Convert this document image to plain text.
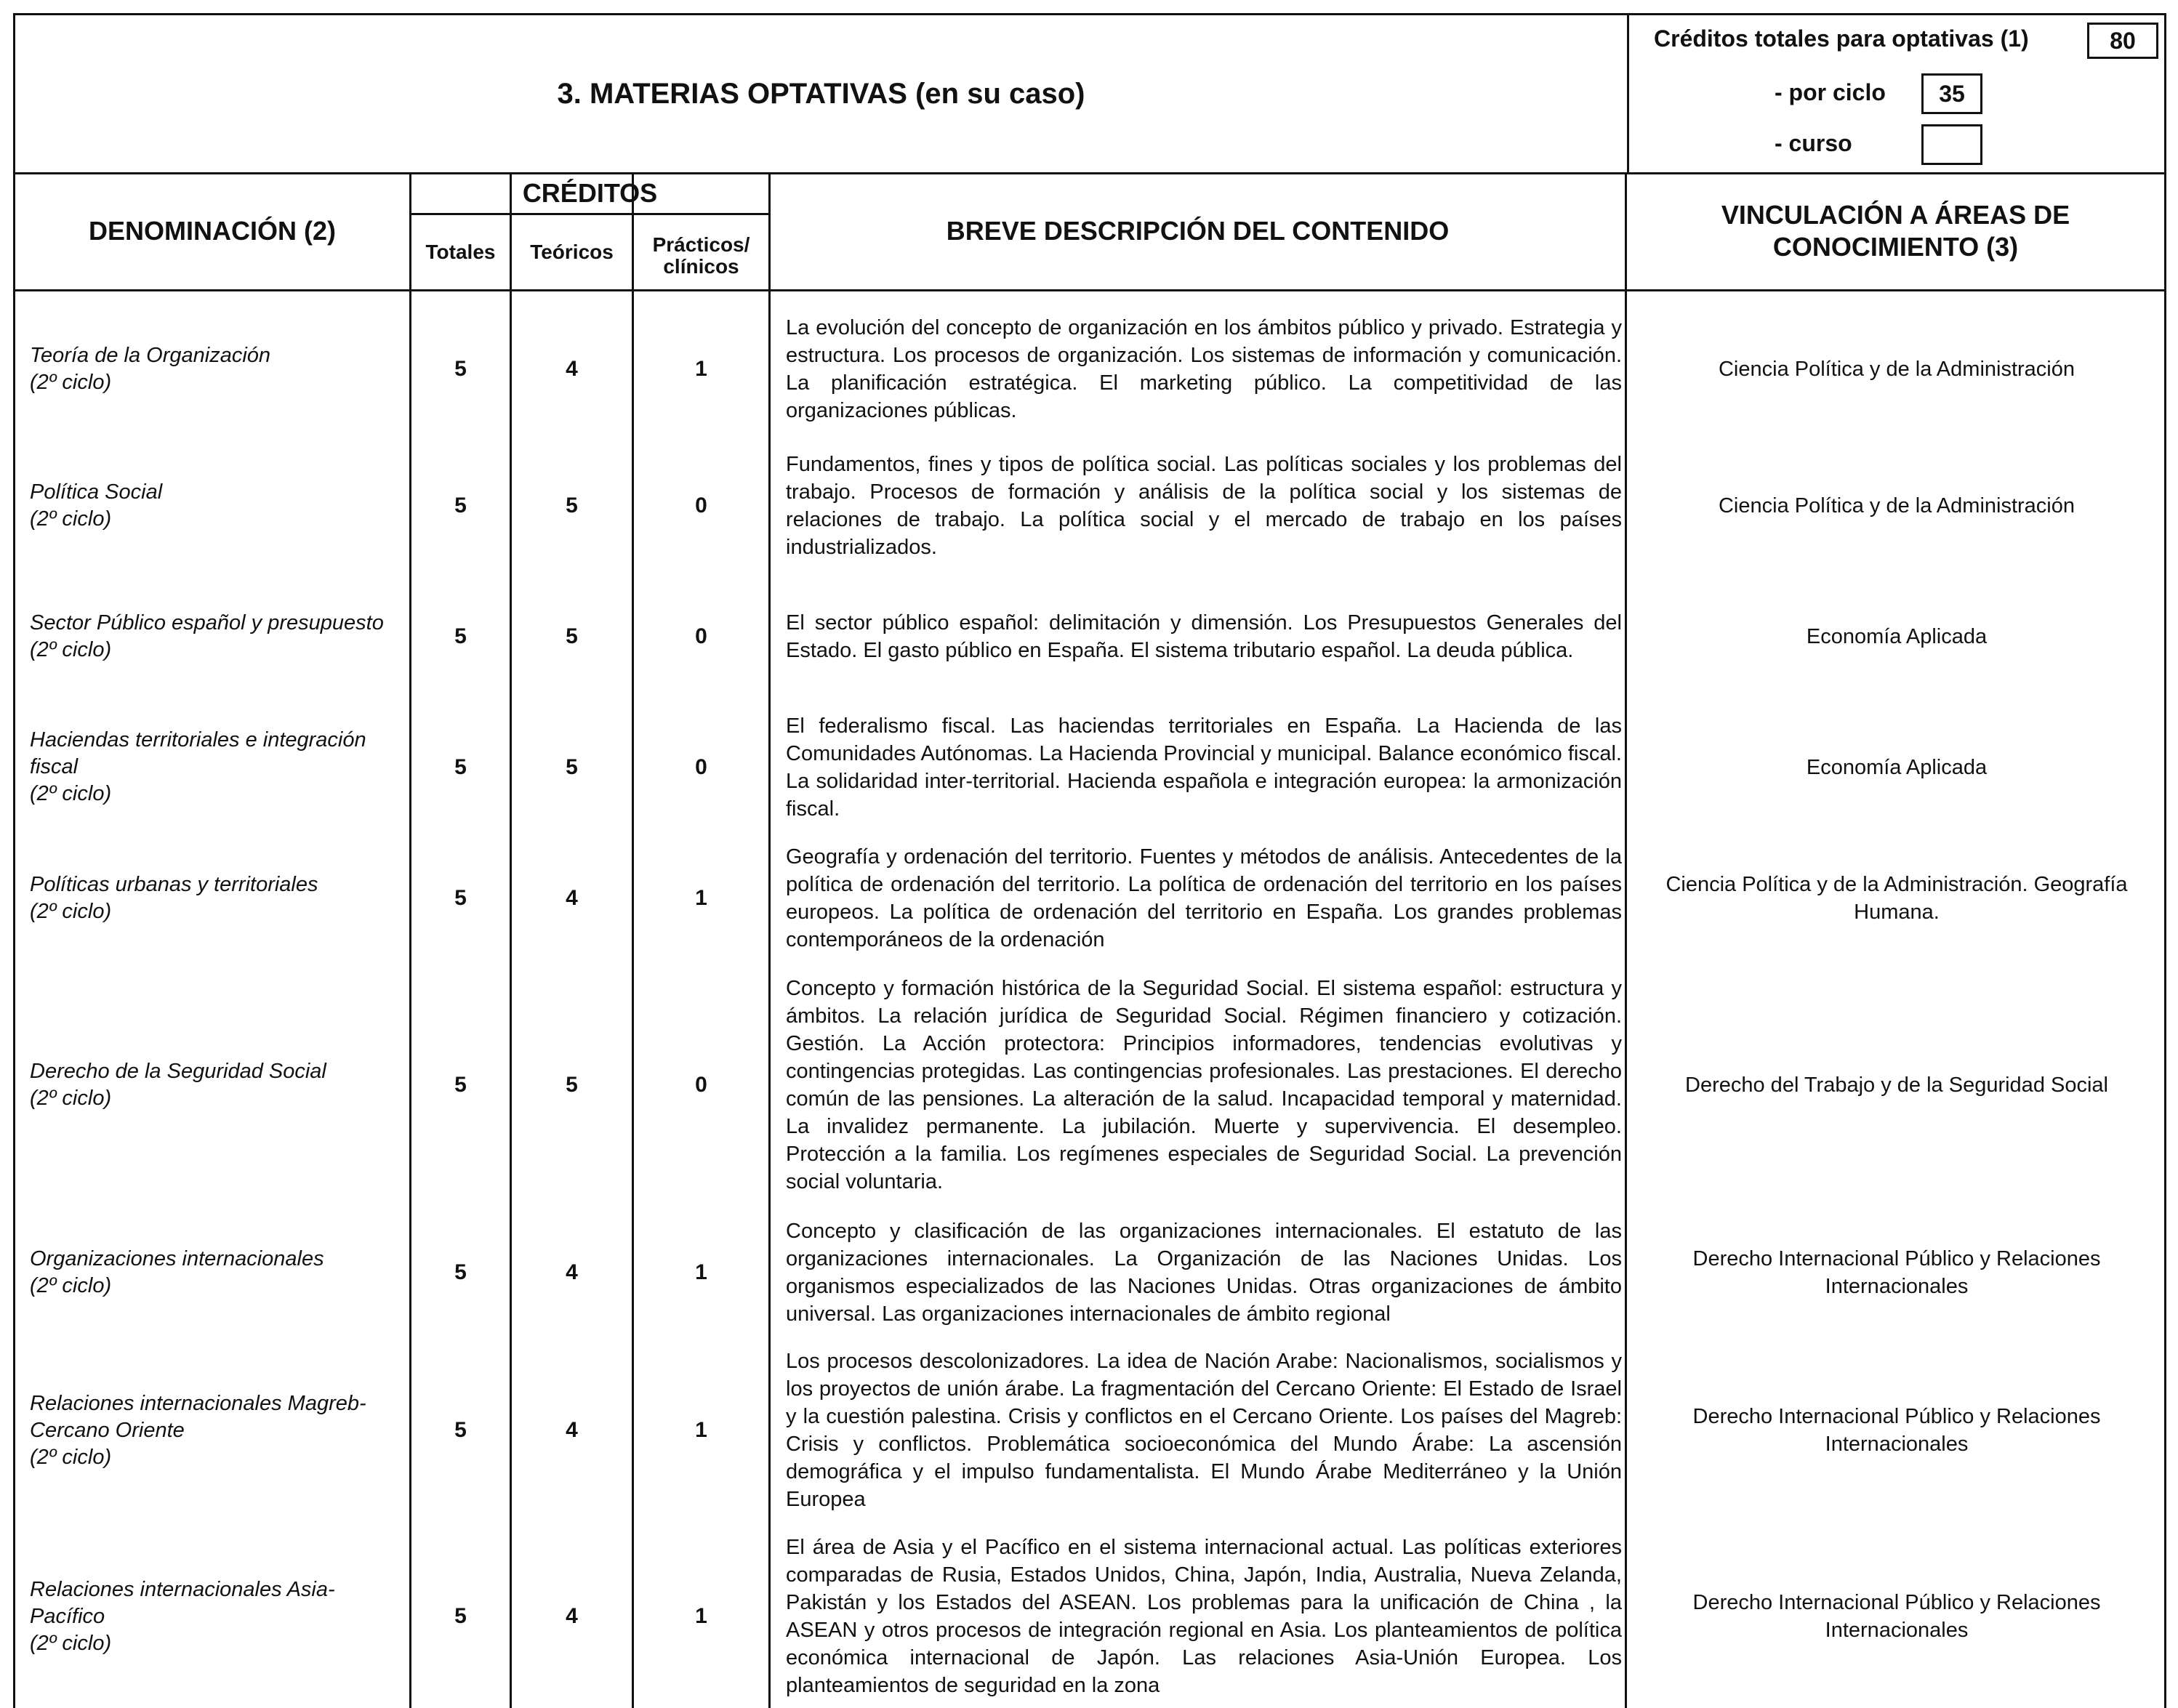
3. MATERIAS OPTATIVAS (en su caso)
Créditos totales para optativas (1)	80
- por ciclo	35
- curso
DENOMINACIÓN (2)
CRÉDITOS
Totales	Teóricos	Prácticos/ clínicos
BREVE DESCRIPCIÓN DEL CONTENIDO
VINCULACIÓN A ÁREAS DE CONOCIMIENTO (3)
Teoría de la Organización
(2º ciclo)
5	4	1
La evolución del concepto de organización en los ámbitos público y privado. Estrategia y estructura. Los procesos de organización. Los sistemas de información y comunicación. La planificación estratégica. El marketing público. La competitividad de las organizaciones públicas.
Ciencia Política y de la Administración
Política Social
(2º ciclo)
5	5	0
Fundamentos, fines y tipos de política social. Las políticas sociales y los problemas del trabajo. Procesos de formación y análisis de la política social y los sistemas de relaciones de trabajo. La política social y el mercado de trabajo en los países industrializados.
Ciencia Política y de la Administración
Sector Público español y presupuesto
(2º ciclo)
5	5	0
El sector público español: delimitación y dimensión. Los Presupuestos Generales del Estado. El gasto público en España. El sistema tributario español. La deuda pública.
Economía Aplicada
Haciendas territoriales e integración fiscal
(2º ciclo)
5	5	0
El federalismo fiscal. Las haciendas territoriales en España. La Hacienda de las Comunidades Autónomas. La Hacienda Provincial y municipal. Balance económico fiscal. La solidaridad inter-territorial. Hacienda española e integración europea: la armonización fiscal.
Economía Aplicada
Políticas urbanas y territoriales
(2º ciclo)
5	4	1
Geografía y ordenación del territorio. Fuentes y métodos de análisis. Antecedentes de la política de ordenación del territorio. La política de ordenación del territorio en los países europeos. La política de ordenación del territorio en España. Los grandes problemas contemporáneos de la ordenación
Ciencia Política y de la Administración. Geografía Humana.
Derecho de la Seguridad Social
(2º ciclo)
5	5	0
Concepto y formación histórica de la Seguridad Social. El sistema español: estructura y ámbitos. La relación jurídica de Seguridad Social. Régimen financiero y cotización. Gestión. La Acción protectora: Principios informadores, tendencias evolutivas y contingencias protegidas. Las contingencias profesionales. Las prestaciones. El derecho común de las pensiones. La alteración de la salud. Incapacidad temporal y maternidad. La invalidez permanente. La jubilación. Muerte y supervivencia. El desempleo. Protección a la familia. Los regímenes especiales de Seguridad Social. La prevención social voluntaria.
Derecho del Trabajo y de la Seguridad Social
Organizaciones internacionales
(2º ciclo)
5	4	1
Concepto y clasificación de las organizaciones internacionales. El estatuto de las organizaciones internacionales. La Organización de las Naciones Unidas. Los organismos especializados de las Naciones Unidas. Otras organizaciones de ámbito universal. Las organizaciones internacionales de ámbito regional
Derecho Internacional Público y Relaciones Internacionales
Relaciones internacionales Magreb-Cercano Oriente
(2º ciclo)
5	4	1
Los procesos descolonizadores. La idea de Nación Arabe: Nacionalismos, socialismos y los proyectos de unión árabe. La fragmentación del Cercano Oriente: El Estado de Israel y la cuestión palestina. Crisis y conflictos en el Cercano Oriente. Los países del Magreb: Crisis y conflictos. Problemática socioeconómica del Mundo Árabe: La ascensión demográfica y el impulso fundamentalista. El Mundo Árabe Mediterráneo y la Unión Europea
Derecho Internacional Público y Relaciones Internacionales
Relaciones internacionales Asia-Pacífico
(2º ciclo)
5	4	1
El área de Asia y el Pacífico en el sistema internacional actual. Las políticas exteriores comparadas de Rusia, Estados Unidos, China, Japón, India, Australia, Nueva Zelanda, Pakistán y los Estados del ASEAN. Los problemas para la unificación de China , la ASEAN y otros procesos de integración regional en Asia. Los planteamientos de política económica internacional de Japón. Las relaciones Asia-Unión Europea. Los planteamientos de seguridad en la zona
Derecho Internacional Público y Relaciones Internacionales
